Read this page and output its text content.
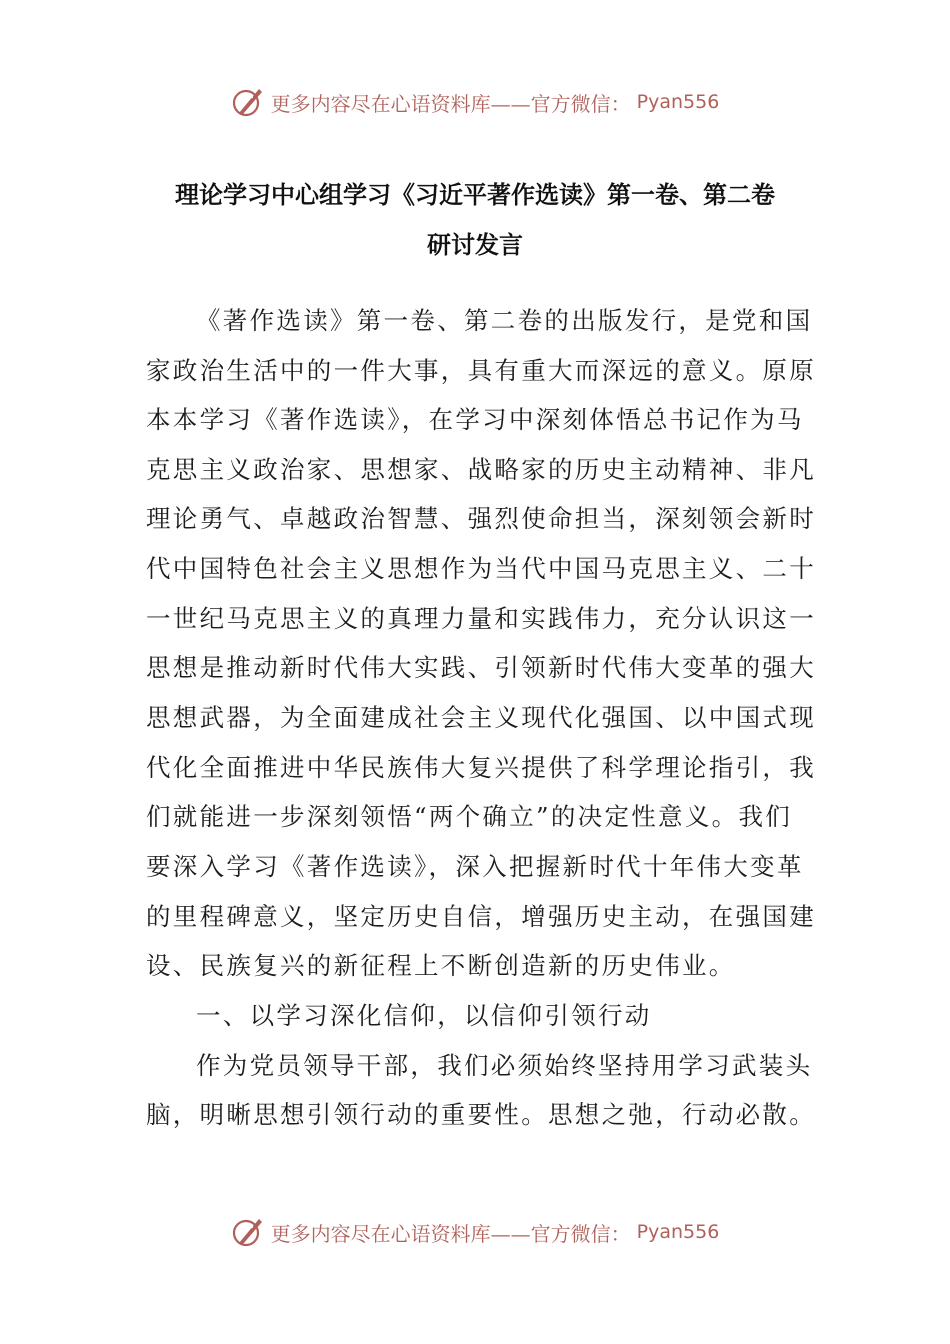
更多内容尽在心语资料库——官方微信： Pyan556
理论学习中心组学习《习近平著作选读》第一卷、第二卷
研讨发言
《著作选读》第一卷、第二卷的出版发行，是党和国
家政治生活中的一件大事，具有重大而深远的意义。原原
本本学习《著作选读》，在学习中深刻体悟总书记作为马
克思主义政治家、思想家、战略家的历史主动精神、非凡
理论勇气、卓越政治智慧、强烈使命担当，深刻领会新时
代中国特色社会主义思想作为当代中国马克思主义、二十
一世纪马克思主义的真理力量和实践伟力，充分认识这一
思想是推动新时代伟大实践、引领新时代伟大变革的强大
思想武器，为全面建成社会主义现代化强国、以中国式现
代化全面推进中华民族伟大复兴提供了科学理论指引，我
们就能进一步深刻领悟“两个确立”的决定性意义。我们
要深入学习《著作选读》，深入把握新时代十年伟大变革
的里程碑意义，坚定历史自信，增强历史主动，在强国建
设、民族复兴的新征程上不断创造新的历史伟业。
一、以学习深化信仰，以信仰引领行动
作为党员领导干部，我们必须始终坚持用学习武装头
脑，明晰思想引领行动的重要性。思想之弛，行动必散。
更多内容尽在心语资料库——官方微信： Pyan556
